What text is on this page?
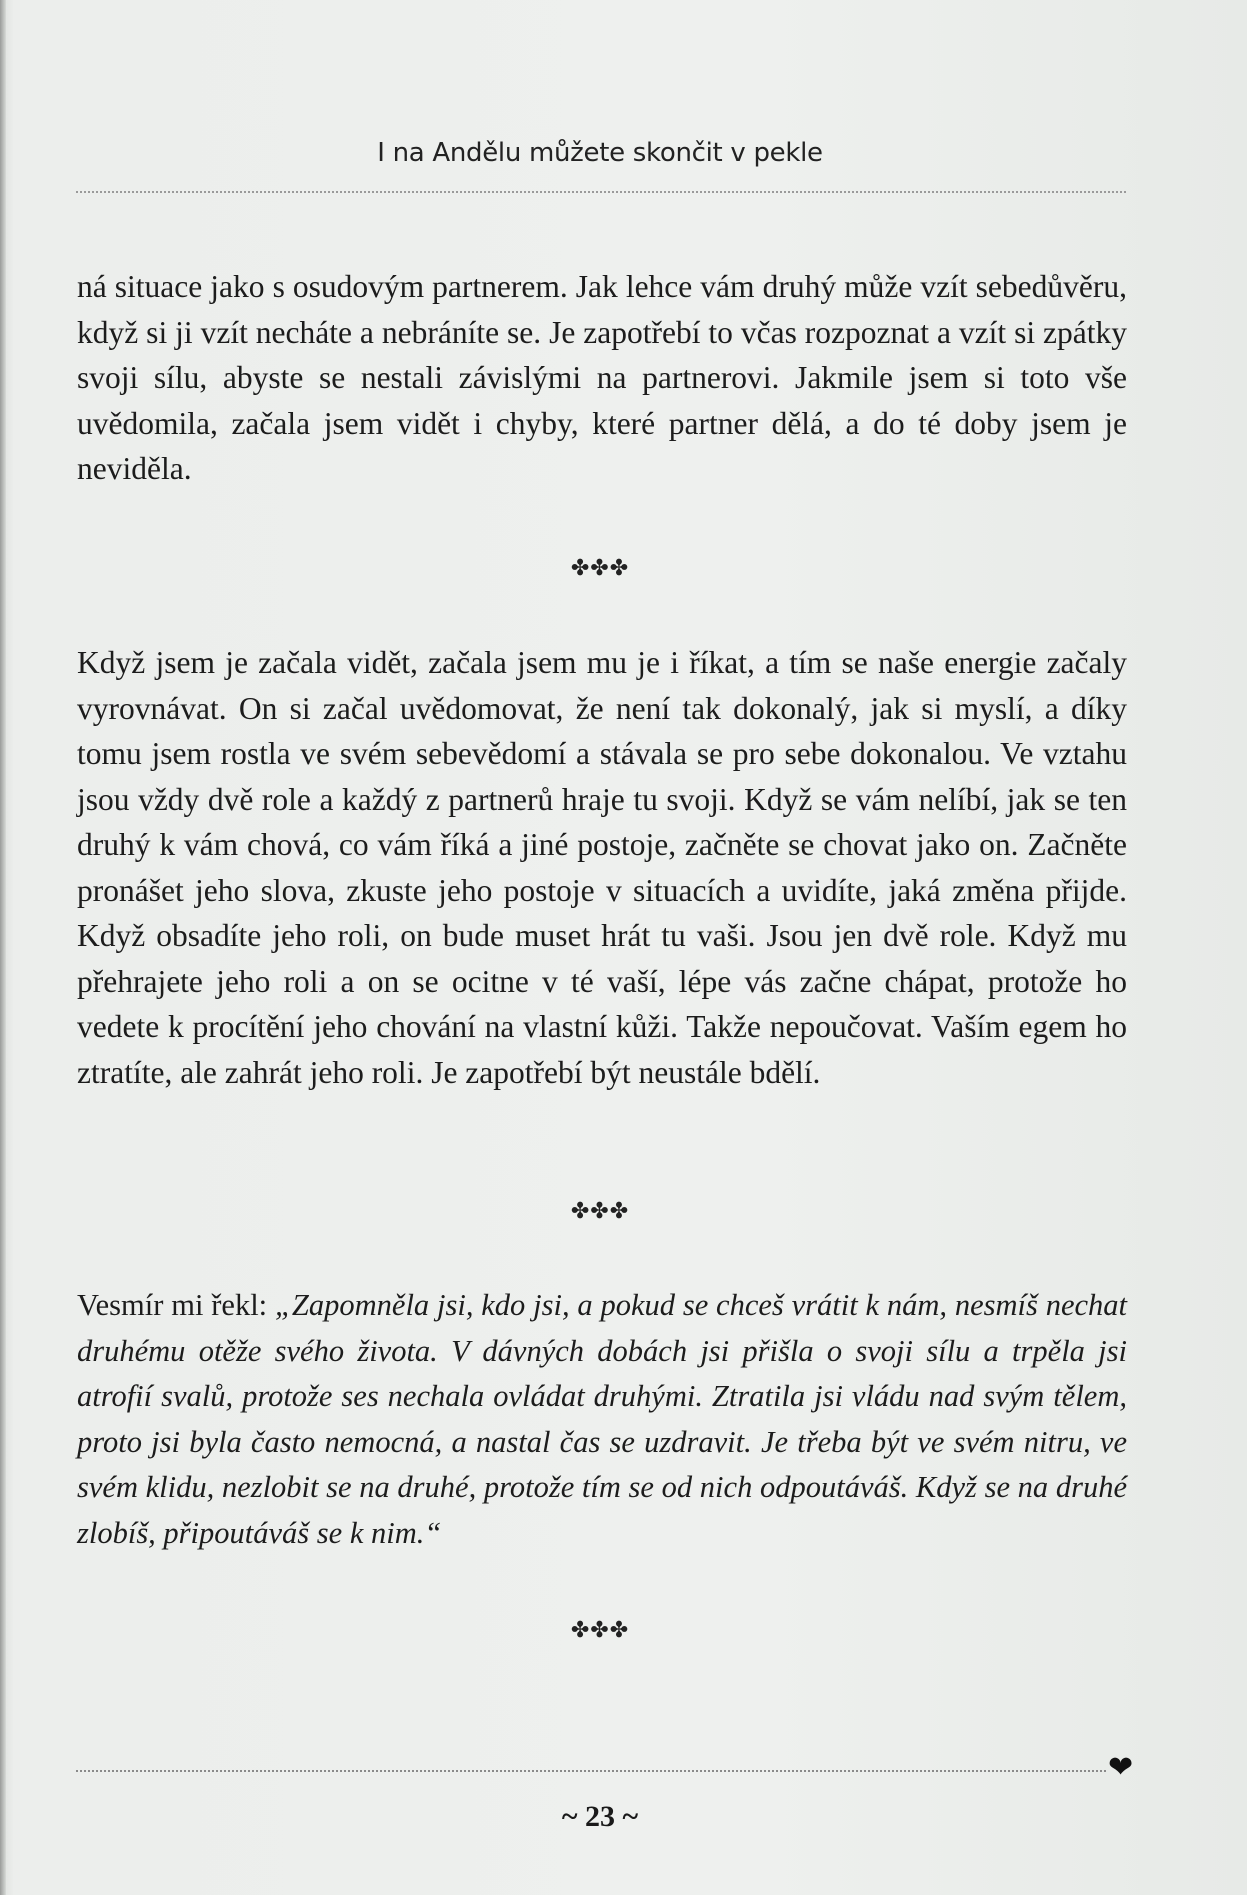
I na Andělu můžete skončit v pekle

ná situace jako s osudovým partnerem. Jak lehce vám druhý může vzít sebedůvěru, když si ji vzít necháte a nebráníte se. Je zapotřebí to včas rozpoznat a vzít si zpátky svoji sílu, abyste se nestali závislými na partnerovi. Jakmile jsem si toto vše uvědomila, začala jsem vidět i chyby, které partner dělá, a do té doby jsem je neviděla.

✤✤✤

Když jsem je začala vidět, začala jsem mu je i říkat, a tím se naše energie začaly vyrovnávat. On si začal uvědomovat, že není tak dokonalý, jak si myslí, a díky tomu jsem rostla ve svém sebevědomí a stávala se pro sebe dokonalou. Ve vztahu jsou vždy dvě role a každý z partnerů hraje tu svoji. Když se vám nelíbí, jak se ten druhý k vám chová, co vám říká a jiné postoje, začněte se chovat jako on. Začněte pronášet jeho slova, zkuste jeho postoje v situacích a uvidíte, jaká změna přijde. Když obsadíte jeho roli, on bude muset hrát tu vaši. Jsou jen dvě role. Když mu přehrajete jeho roli a on se ocitne v té vaší, lépe vás začne chápat, protože ho vedete k procítění jeho chování na vlastní kůži. Takže nepoučovat. Vaším egem ho ztratíte, ale zahrát jeho roli. Je zapotřebí být neustále bdělí.

✤✤✤

Vesmír mi řekl: „Zapomněla jsi, kdo jsi, a pokud se chceš vrátit k nám, nesmíš nechat druhému otěže svého života. V dávných dobách jsi přišla o svoji sílu a trpěla jsi atrofií svalů, protože ses nechala ovládat druhými. Ztratila jsi vládu nad svým tělem, proto jsi byla často nemocná, a nastal čas se uzdravit. Je třeba být ve svém nitru, ve svém klidu, nezlobit se na druhé, protože tím se od nich odpoutáváš. Když se na druhé zlobíš, připoutáváš se k nim.“

✤✤✤
❤
~ 23 ~
